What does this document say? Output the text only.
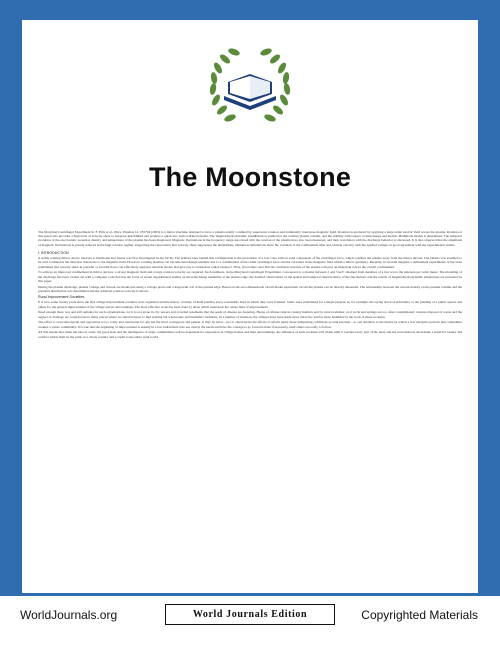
The Moonstone

The Maryland Centrifugal Experiment R. F. Ellis et al., Phys. Plasmas 12, 055704 (2005) is a mirror machine designed to have a plasma axially confined by supersonic rotation and dominantly transverse magnetic field. Rotation is produced by applying a large radial electric field across the plasma. Rotation at this speed also provides a high level of velocity shear to suppress instabilities and produce a quiescent, well-confined plasma. The magnetohydrodynamic equilibrium is studied for the rotating plasma column, and the stability with respect to interchange and Kelvin–Helmholtz modes is determined. The temporal evolution of the electrostatic potential, density and temperature of the plasma has been diagnosed. Magnetic fluctuations in the frequency range associated with the rotation of the plasma have also been measured, and their correlation with the discharge behavior is discussed. It is also observed that the amplitude of magnetic fluctuations is greatly reduced in the high-rotation regime, supporting the expectation that velocity shear suppresses the instabilities. Numerical simulations show the variation of the confinement time and rotation velocity with the applied voltage, in good agreement with the experimental results.

I. INTRODUCTION

A stable rotating mirror device relevant to thermonuclear fusion was first investigated in the 1970s. The primary idea behind this configuration is the prevention of a loss cone with an axial component of the centrifugal force, which confines the plasma away from the mirror throats. The plasma was assumed to be well confined in the direction transverse to the magnetic field. However, rotating plasmas can become interchange unstable due to a combination of the radial centrifugal force and the curvature in the magnetic field within a mirror geometry. Recently, in toroidal magnetic confinement experiments, it has been established that velocity shear in poloidal or toroidal flows can effectively suppress unstable modes that give rise to anomalous radial transport. Thus, it becomes clear that the rotational structure of the plasma will play an important role in the overall confinement.

To achieve an improved confinement in mirror devices, a strong magnetic field and a large rotation velocity are required. Such numbers, in the Maryland Centrifugal Experiment, correspond to a plasma between 2 and 3 keV obtained from densities of a few ten to the nineteen per cubic meter. The modeling of the discharge has been carried out with a computer code that has the focus of recent experimental studies on the interchange instability at the plasma edge, the detailed observations of the spatial and temporal characteristics of the fluctuations and the results of magnetohydrodynamic simulations are presented in this paper.

During the plasma discharge, plasma voltage and current are monitored using a voltage probe and a Rogowski coil at the plasma edge. Based on the zero-dimensional circuit model equivalent circuit the plasma can be directly measured. The relationship between the current density on the plasma column and the potential distribution was determined and the achieved rotation velocity is shown.

Rural Improvement Societies.

It is now some twenty years since the first village improvement societies were organized and the history of many of them justifies every reasonable hope in which they were founded. Some were established for a single purpose as, for example, the laying down of sidewalks, or the planting of a public square and others for the general improvement of the village and its surroundings. The most effective work has been done by those which undertook the whole field of improvement.

Need enough there was and still remains for such organizations, for it is not alone in city sewers and crowded tenements that the seeds of disease are festering. Heaps of offense rank in country hamlets and by rural roadsides; cool wells and springs are too often contaminated; careless disposal of waste and the neglect of drainage are conspicuous in many places where we should expect to find nothing but wholesome and healthful conditions. In a number of instances the villages have been made more attractive and far more healthful by the work of these societies.

The effort to overcome inertia and opposition is too costly and wearisome for any but the most courageous and patient. It may be incur—not to characterize the efforts at reform under these dampening conditions as rank heroism—to call attention to the means by which a few energetic persons may sometimes awaken a whole community. It is true that the beginning of improvement is usually in a few individuals who see clearly the needs and have the courage to go forward alone if necessary, until others are ready to follow.

All this means that when the idea of order, the good taste and the intelligence of many communities will be dependent for expression in village homes and their surroundings, the influence of such societies will widen until it touches every part of the land, and the rural districts shall make a stand for beauty and comfort which shall be the pride of a whole country and a credit to the entire rural world.

WorldJournals.org	World Journals Edition	Copyrighted Materials
